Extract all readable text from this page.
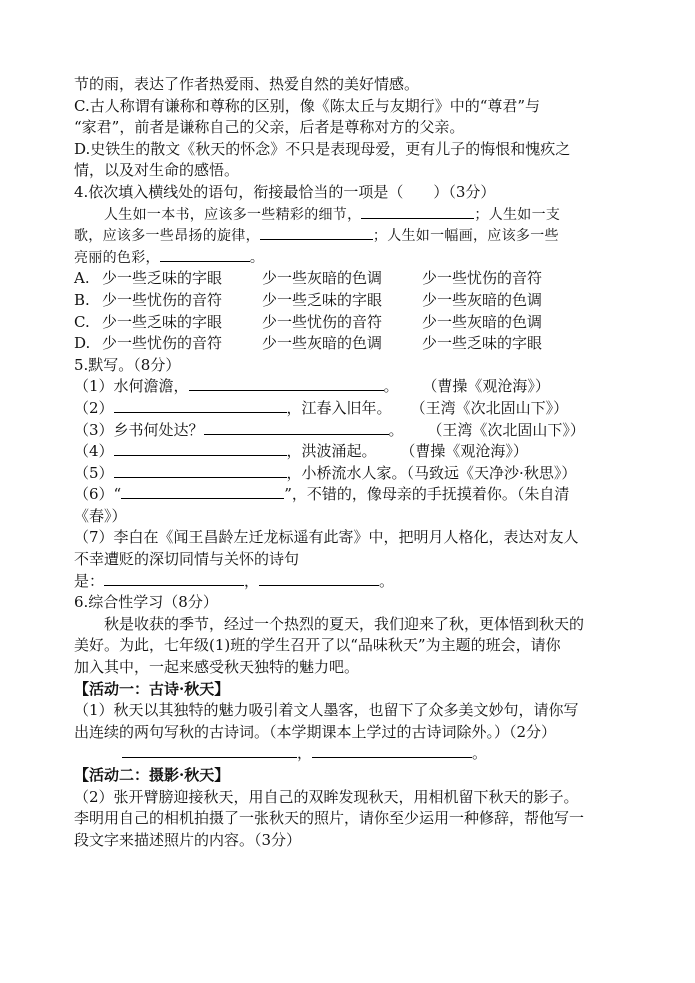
节的雨，表达了作者热爱雨、热爱自然的美好情感。
C.古人称谓有谦称和尊称的区别，像《陈太丘与友期行》中的“尊君”与
“家君”，前者是谦称自己的父亲，后者是尊称对方的父亲。
D.史铁生的散文《秋天的怀念》不只是表现母爱，更有儿子的悔恨和愧疚之
情，以及对生命的感悟。
4.依次填入横线处的语句，衔接最恰当的一项是（　　）（3分）
人生如一本书，应该多一些精彩的细节，	；人生如一支
歌，应该多一些昂扬的旋律，	；人生如一幅画，应该多一些
亮丽的色彩，	。
A. 少一些乏味的字眼	少一些灰暗的色调	少一些忧伤的音符
B. 少一些忧伤的音符	少一些乏味的字眼	少一些灰暗的色调
C. 少一些乏味的字眼	少一些忧伤的音符	少一些灰暗的色调
D. 少一些忧伤的音符	少一些灰暗的色调	少一些乏味的字眼
5.默写。（8分）
（1）水何澹澹，	。 （曹操《观沧海》）
（2）	，江春入旧年。 （王湾《次北固山下》）
（3）乡书何处达？	。 （王湾《次北固山下》）
（4）	，洪波涌起。 （曹操《观沧海》）
（5）	，小桥流水人家。（马致远《天净沙·秋思》）
（6）“	”，不错的，像母亲的手抚摸着你。（朱自清
《春》）
（7）李白在《闻王昌龄左迁龙标遥有此寄》中，把明月人格化，表达对友人
不幸遭贬的深切同情与关怀的诗句
是：	，	。
6.综合性学习（8分）
秋是收获的季节，经过一个热烈的夏天，我们迎来了秋，更体悟到秋天的
美好。为此，七年级(1)班的学生召开了以“品味秋天”为主题的班会，请你
加入其中，一起来感受秋天独特的魅力吧。
【活动一：古诗·秋天】
（1）秋天以其独特的魅力吸引着文人墨客，也留下了众多美文妙句，请你写
出连续的两句写秋的古诗词。（本学期课本上学过的古诗词除外。）（2分）
，	。
【活动二：摄影·秋天】
（2）张开臂膀迎接秋天，用自己的双眸发现秋天，用相机留下秋天的影子。
李明用自己的相机拍摄了一张秋天的照片，请你至少运用一种修辞，帮他写一
段文字来描述照片的内容。（3分）
